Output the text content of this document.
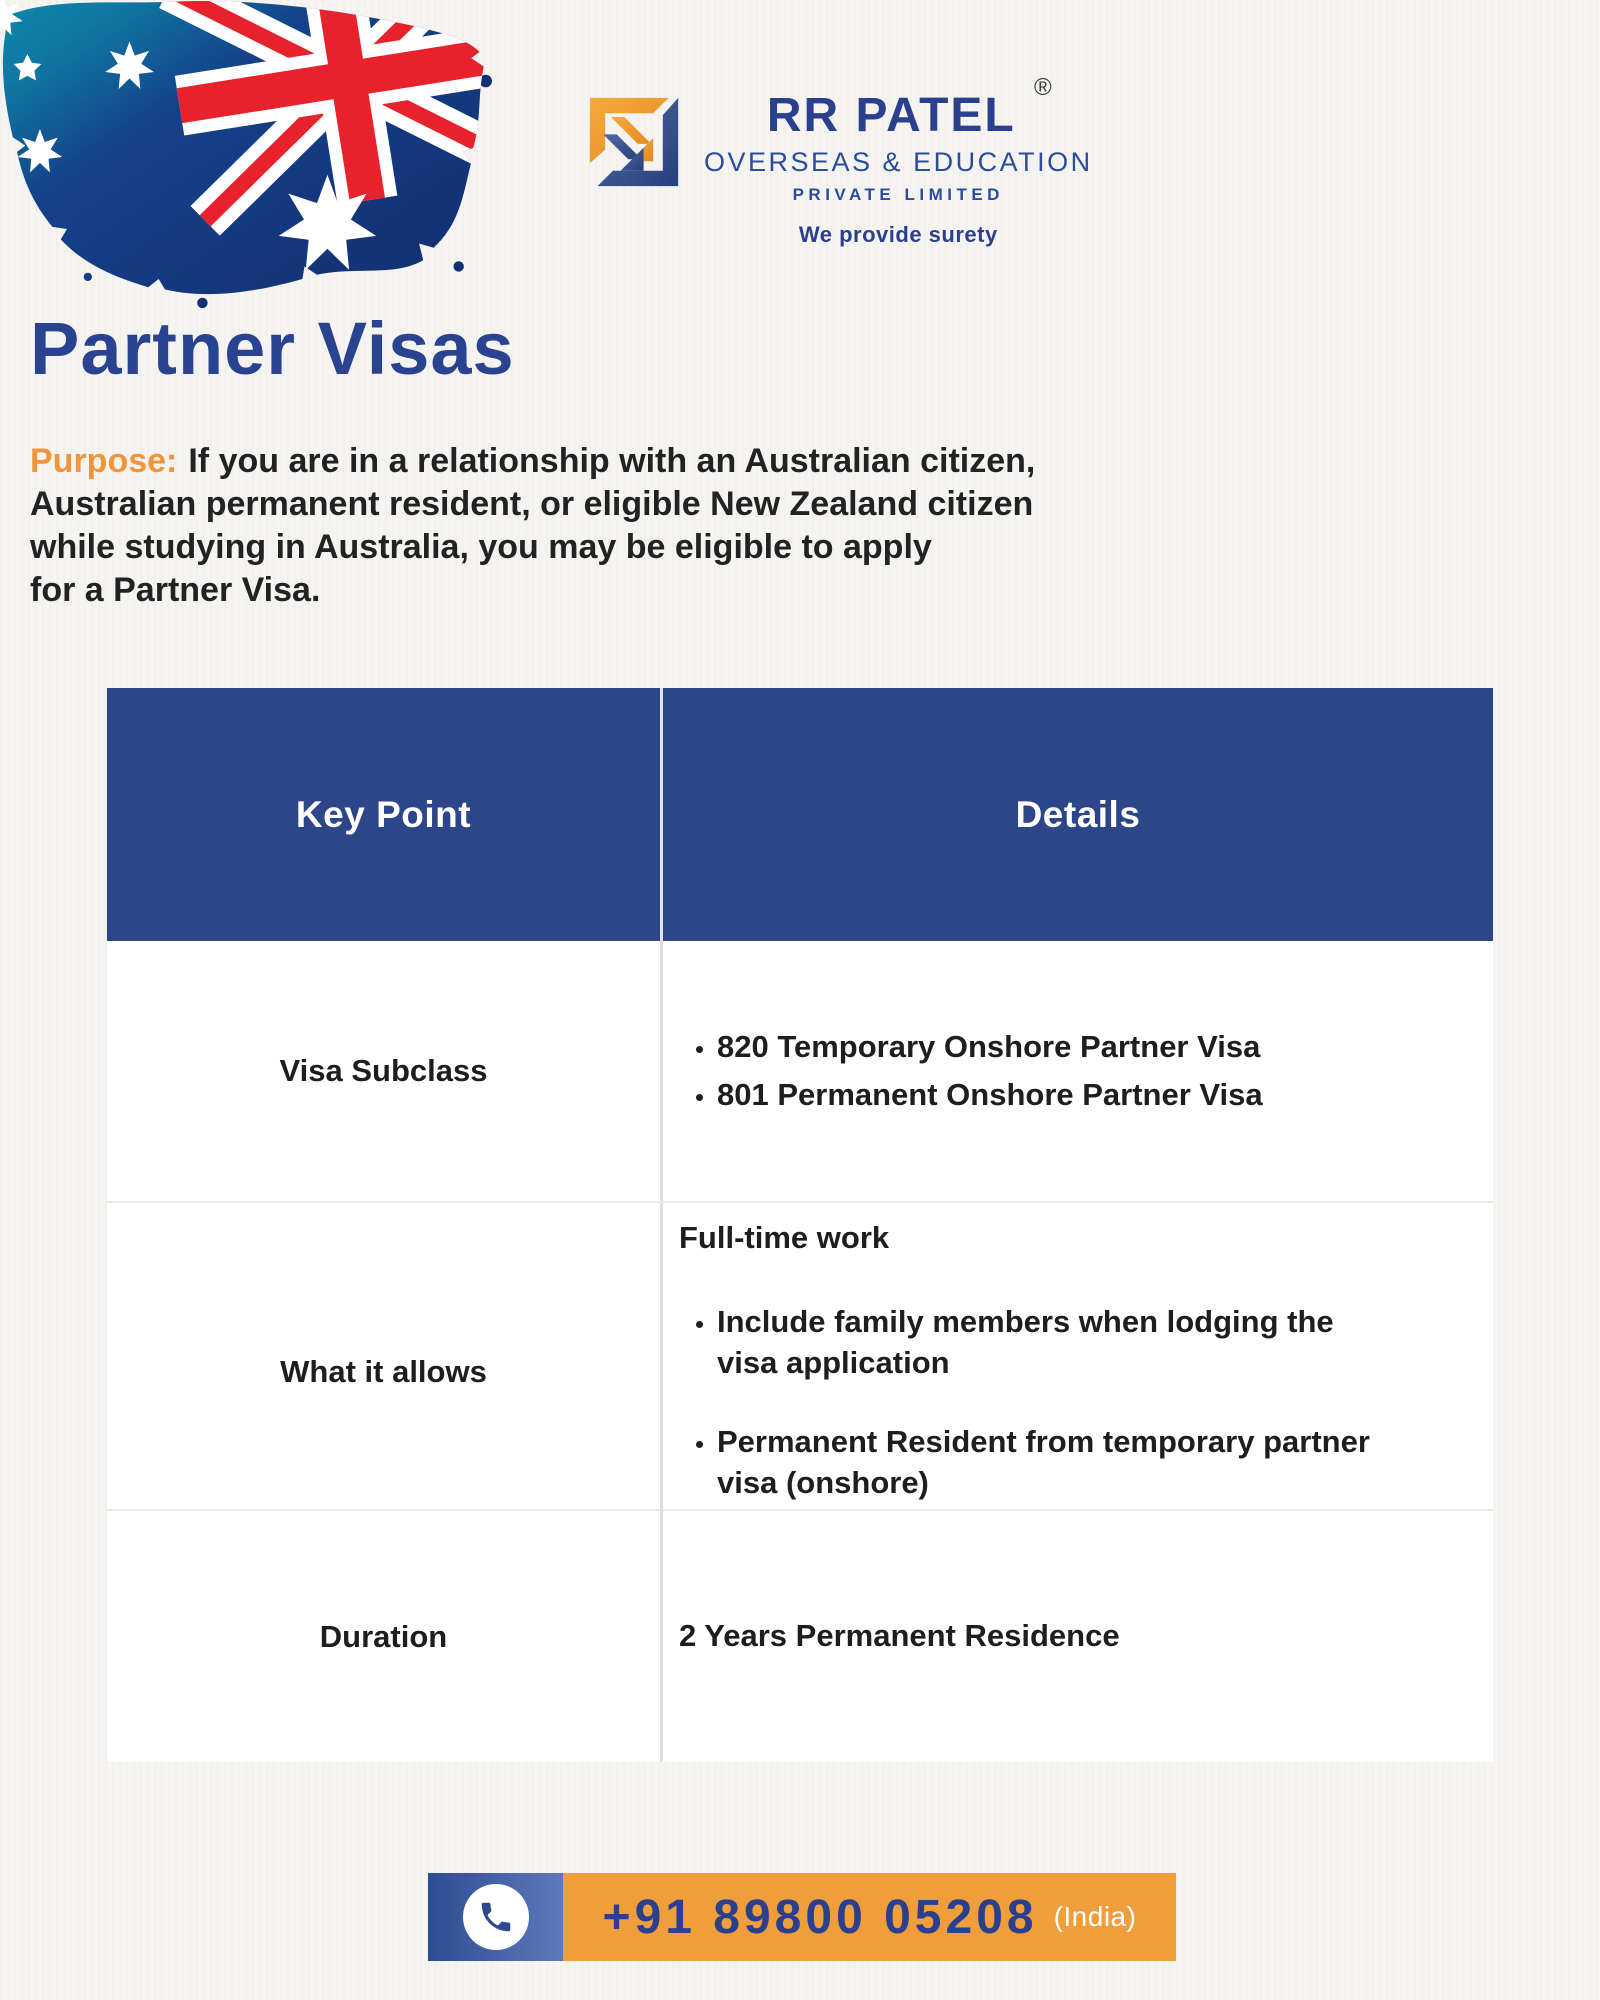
RR PATEL
®
OVERSEAS & EDUCATION
PRIVATE LIMITED
We provide surety
Partner Visas
Purpose: If you are in a relationship with an Australian citizen,
Australian permanent resident, or eligible New Zealand citizen
while studying in Australia, you may be eligible to apply
for a Partner Visa.
Key Point	Details
Visa Subclass
• 820 Temporary Onshore Partner Visa
• 801 Permanent Onshore Partner Visa
What it allows
Full-time work
• Include family members when lodging the visa application
• Permanent Resident from temporary partner visa (onshore)
Duration	2 Years Permanent Residence
+91 89800 05208 (India)
